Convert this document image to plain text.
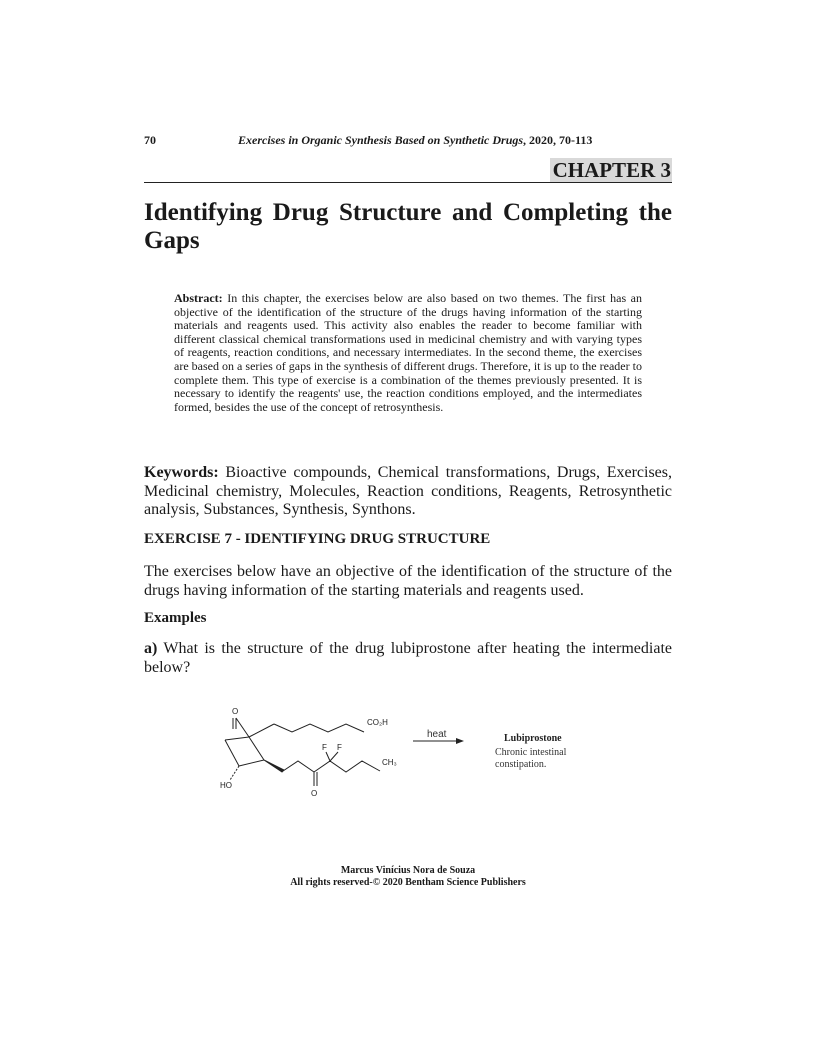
70	Exercises in Organic Synthesis Based on Synthetic Drugs, 2020, 70-113
CHAPTER 3
Identifying Drug Structure and Completing the Gaps

Abstract: In this chapter, the exercises below are also based on two themes. The first has an objective of the identification of the structure of the drugs having information of the starting materials and reagents used. This activity also enables the reader to become familiar with different classical chemical transformations used in medicinal chemistry and with varying types of reagents, reaction conditions, and necessary intermediates. In the second theme, the exercises are based on a series of gaps in the synthesis of different drugs. Therefore, it is up to the reader to complete them. This type of exercise is a combination of the themes previously presented. It is necessary to identify the reagents' use, the reaction conditions employed, and the intermediates formed, besides the use of the concept of retrosynthesis.

Keywords: Bioactive compounds, Chemical transformations, Drugs, Exercises, Medicinal chemistry, Molecules, Reaction conditions, Reagents, Retrosynthetic analysis, Substances, Synthesis, Synthons.

EXERCISE 7 - IDENTIFYING DRUG STRUCTURE

The exercises below have an objective of the identification of the structure of the drugs having information of the starting materials and reagents used.

Examples

a) What is the structure of the drug lubiprostone after heating the intermediate below?

O
HO
O
F F
CO₂H
CH₃
heat	Lubiprostone
Chronic intestinal
constipation.
Marcus Vinícius Nora de Souza
All rights reserved-© 2020 Bentham Science Publishers
